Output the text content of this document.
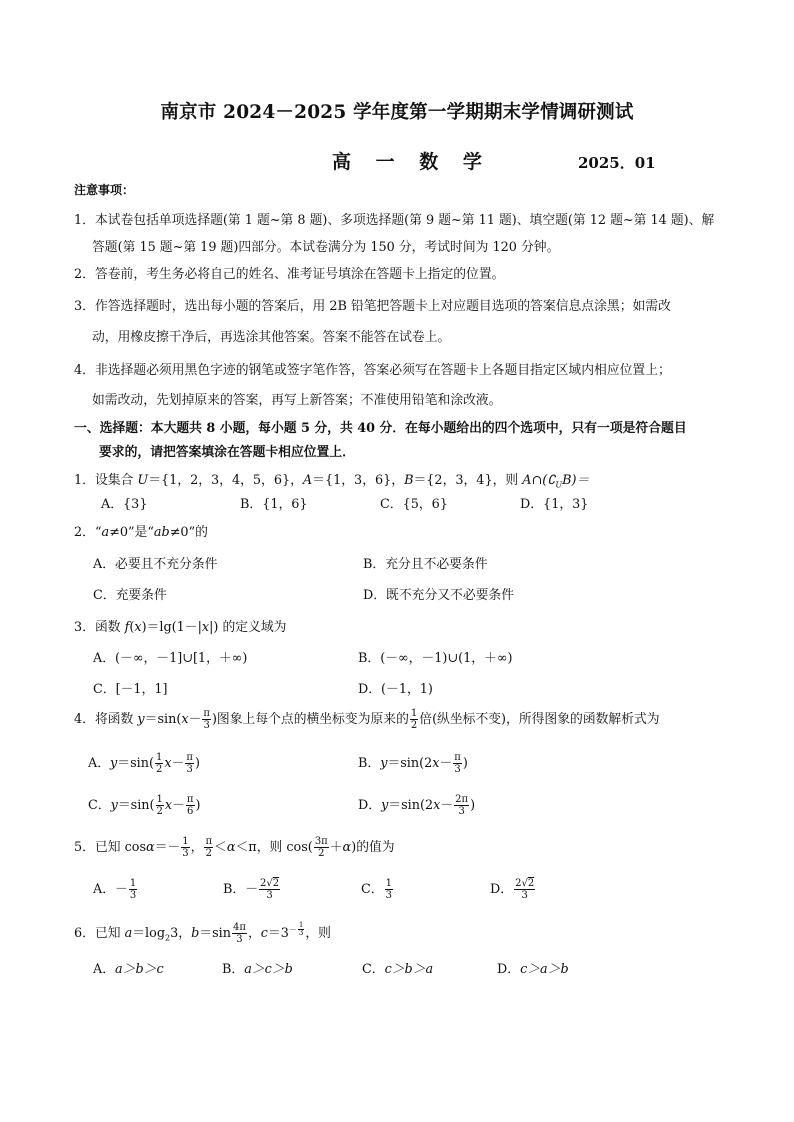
南京市 2024－2025 学年度第一学期期末学情调研测试
高 一 数 学	2025．01
注意事项：
1．本试卷包括单项选择题(第 1 题~第 8 题)、多项选择题(第 9 题~第 11 题)、填空题(第 12 题~第 14 题)、解
答题(第 15 题~第 19 题)四部分。本试卷满分为 150 分，考试时间为 120 分钟。
2．答卷前，考生务必将自己的姓名、准考证号填涂在答题卡上指定的位置。
3．作答选择题时，选出每小题的答案后，用 2B 铅笔把答题卡上对应题目选项的答案信息点涂黑；如需改
动，用橡皮擦干净后，再选涂其他答案。答案不能答在试卷上。
4．非选择题必须用黑色字迹的钢笔或签字笔作答，答案必须写在答题卡上各题目指定区域内相应位置上；
如需改动，先划掉原来的答案，再写上新答案；不准使用铅笔和涂改液。
一、选择题：本大题共 8 小题，每小题 5 分，共 40 分．在每小题给出的四个选项中，只有一项是符合题目
要求的，请把答案填涂在答题卡相应位置上．
1．设集合 U＝{1，2，3，4，5，6}，A＝{1，3，6}，B＝{2，3，4}，则 $A\cap(∁_UB)=$
A．{3}	B．{1，6}	C．{5，6}	D．{1，3}
2．“a≠0”是“ab≠0”的
A．必要且不充分条件	B．充分且不必要条件
C．充要条件	D．既不充分又不必要条件
3．函数 f(x)＝lg(1－|x|) 的定义域为
A．(－∞，－1]∪[1，＋∞)	B．(－∞，－1)∪(1，＋∞)
C．[－1，1]	D．(－1，1)
4．将函数 $y=\sin(x- \frac{\pi}{3}$ )图象上每个点的横坐标变为原来的 $\frac{1}{2}$ 倍(纵坐标不变)，所得图象的函数解析式为
A．$y=\sin( \frac{1}{2} x- \frac{\pi}{3}$ )	B．$y=\sin(2x- \frac{\pi}{3}$ )
C．$y=\sin( \frac{1}{2} x- \frac{\pi}{6}$ )	D．$y=\sin(2x- \frac{2\pi}{3}$ )
5．已知 $\cos\alpha=- \frac{1}{3}$ ， $\frac{\pi}{2} <\alpha<\pi$，则 $\cos( \frac{3\pi}{2} +\alpha)$的值为
A．－ $\frac{1}{3}$	B．－ $\frac{2√2}{3}$	C． $\frac{1}{3}$	D． $\frac{2√2}{3}$
6．已知 $a=\log_23$，$b=\sin \frac{4\pi}{3}$ ，$c=3^{- \frac{1}{3}}$ ，则
A．a＞b＞c	B．a＞c＞b	C．c＞b＞a	D．c＞a＞b
